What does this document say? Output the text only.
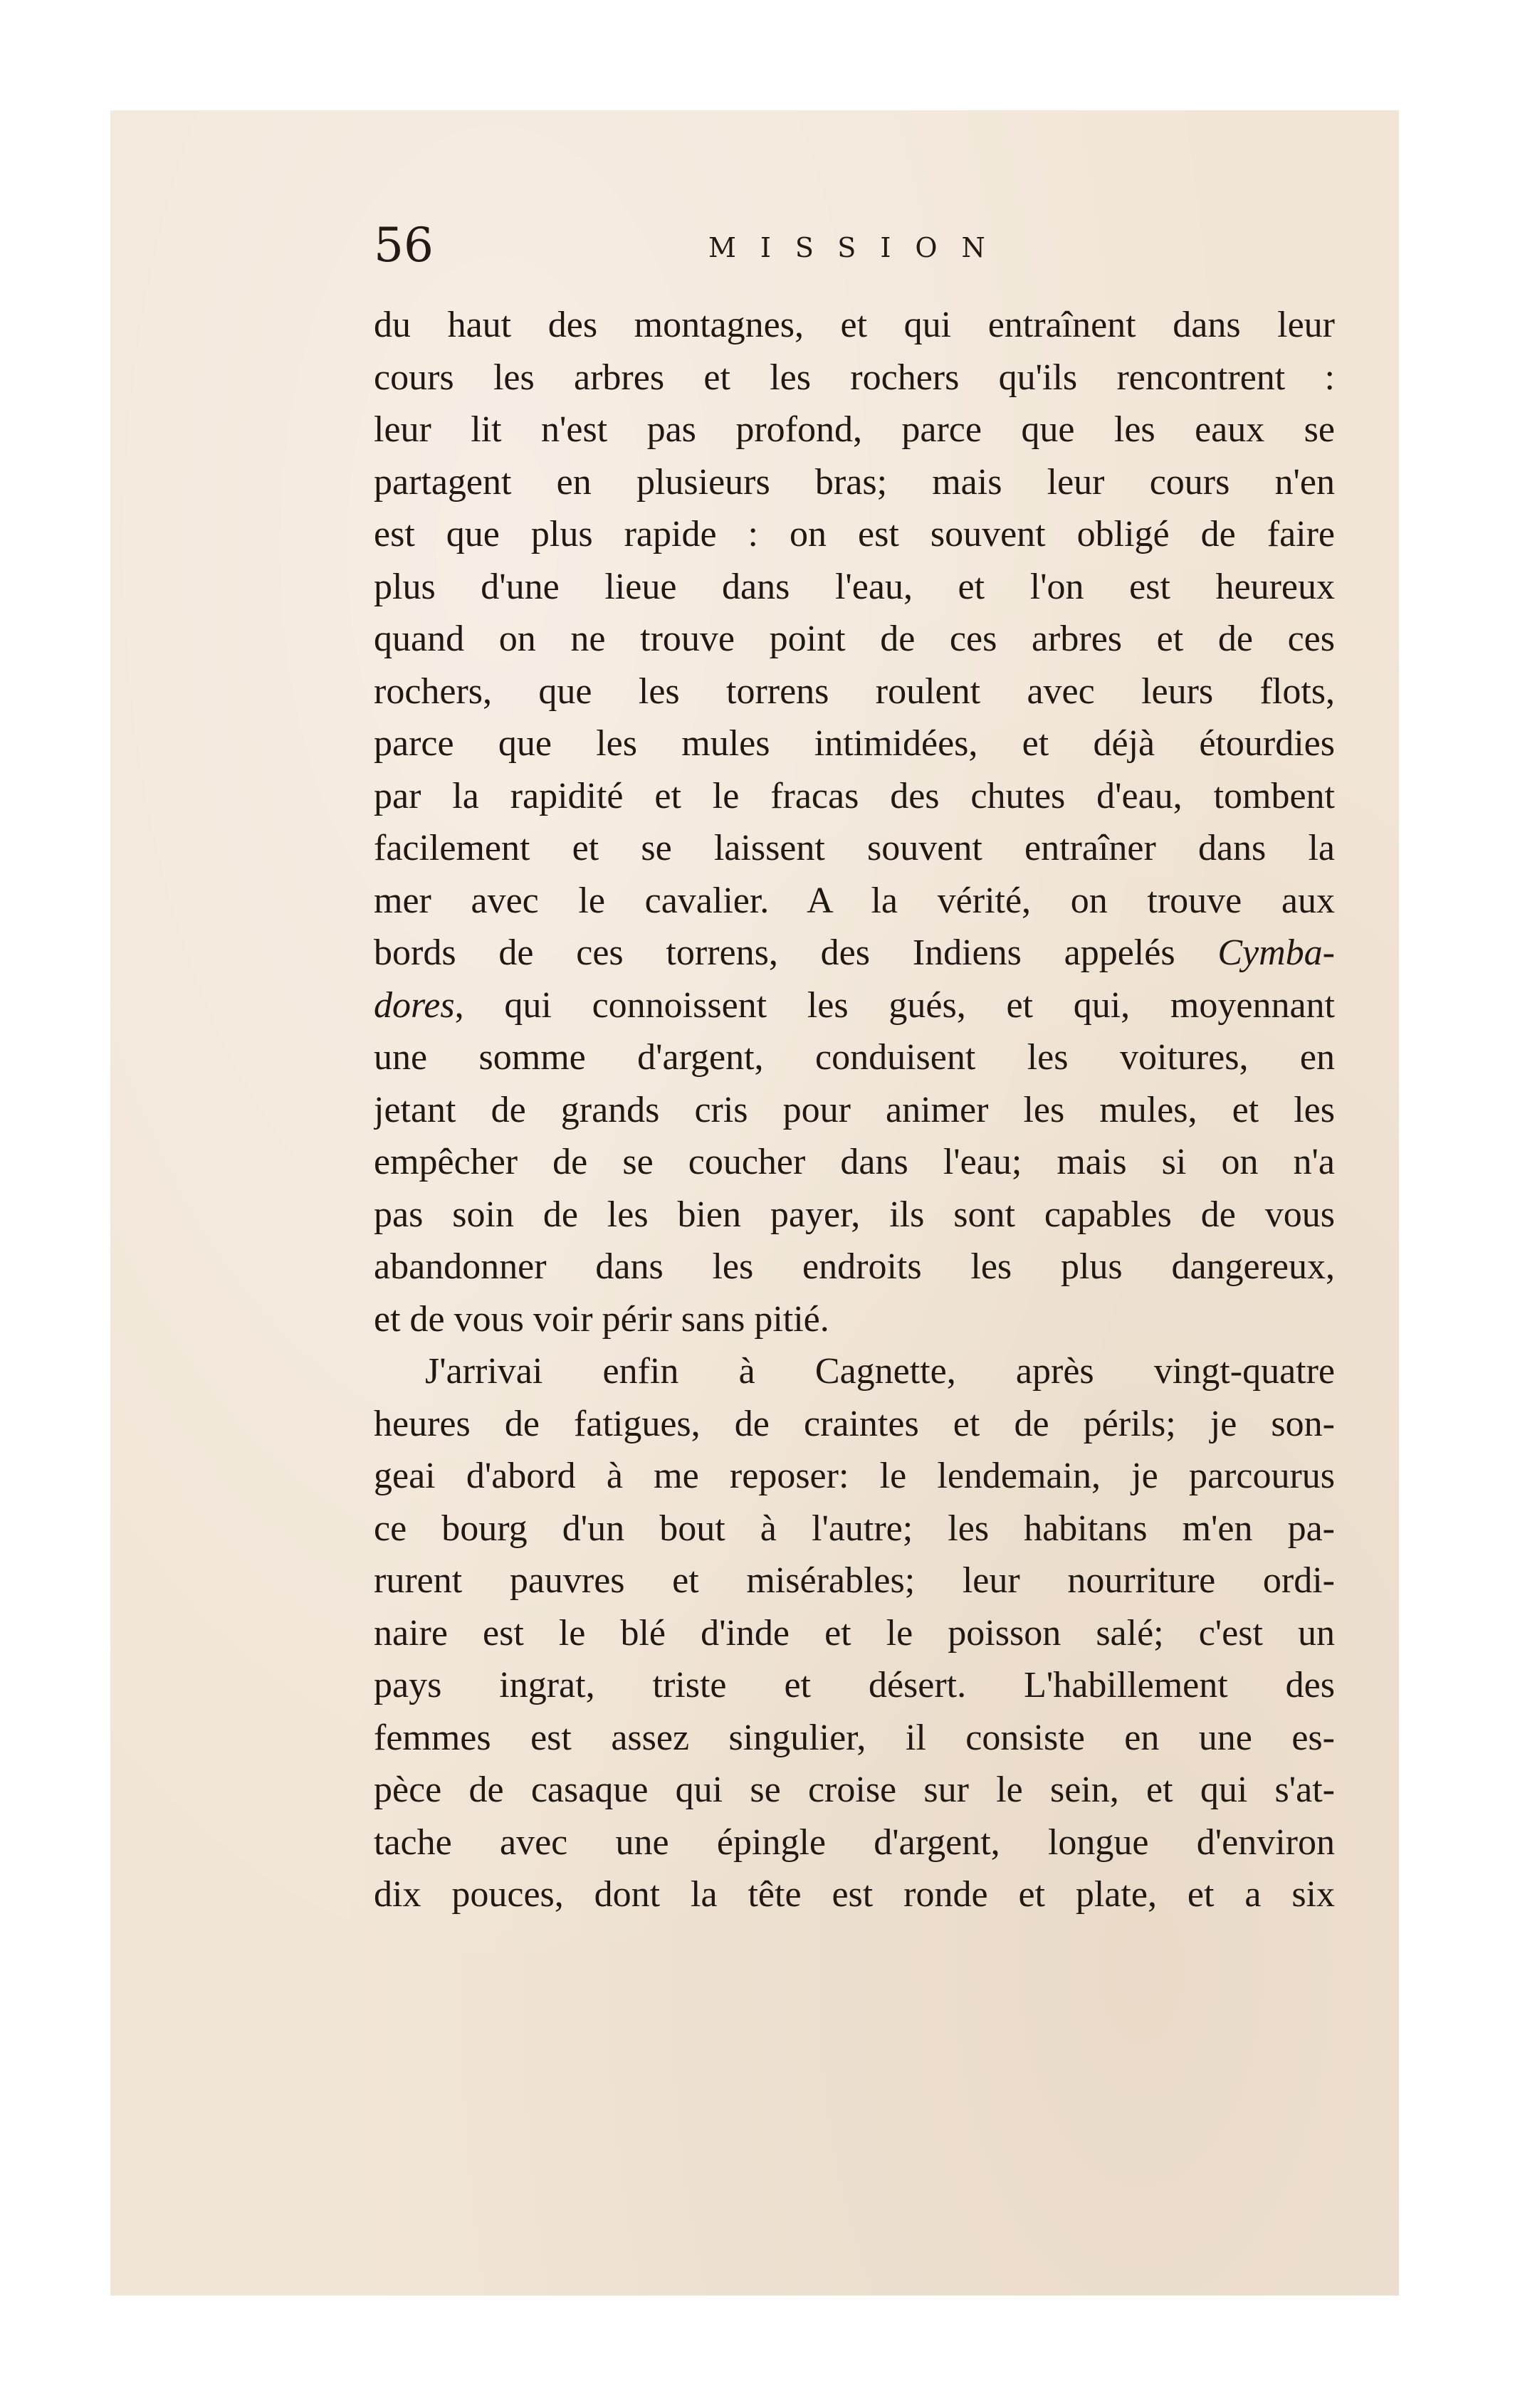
56	MISSION
du haut des montagnes, et qui entraînent dans leur
cours les arbres et les rochers qu'ils rencontrent :
leur lit n'est pas profond, parce que les eaux se
partagent en plusieurs bras; mais leur cours n'en
est que plus rapide : on est souvent obligé de faire
plus d'une lieue dans l'eau, et l'on est heureux
quand on ne trouve point de ces arbres et de ces
rochers, que les torrens roulent avec leurs flots,
parce que les mules intimidées, et déjà étourdies
par la rapidité et le fracas des chutes d'eau, tombent
facilement et se laissent souvent entraîner dans la
mer avec le cavalier. A la vérité, on trouve aux
bords de ces torrens, des Indiens appelés Cymba-
dores, qui connoissent les gués, et qui, moyennant
une somme d'argent, conduisent les voitures, en
jetant de grands cris pour animer les mules, et les
empêcher de se coucher dans l'eau; mais si on n'a
pas soin de les bien payer, ils sont capables de vous
abandonner dans les endroits les plus dangereux,
et de vous voir périr sans pitié.
J'arrivai enfin à Cagnette, après vingt-quatre
heures de fatigues, de craintes et de périls; je son-
geai d'abord à me reposer: le lendemain, je parcourus
ce bourg d'un bout à l'autre; les habitans m'en pa-
rurent pauvres et misérables; leur nourriture ordi-
naire est le blé d'inde et le poisson salé; c'est un
pays ingrat, triste et désert. L'habillement des
femmes est assez singulier, il consiste en une es-
pèce de casaque qui se croise sur le sein, et qui s'at-
tache avec une épingle d'argent, longue d'environ
dix pouces, dont la tête est ronde et plate, et a six
